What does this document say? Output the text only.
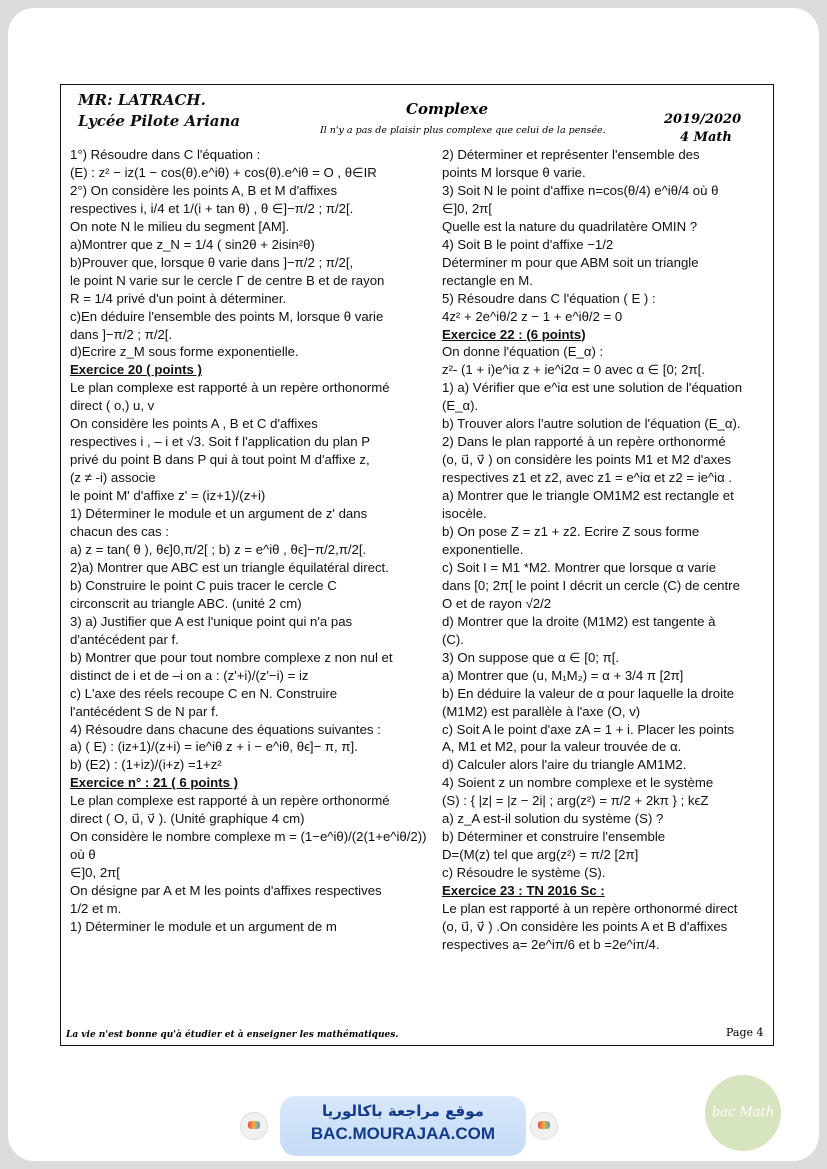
MR: LATRACH.
Lycée Pilote Ariana
Complexe
Il n'y a pas de plaisir plus complexe que celui de la pensée.
2019/2020
4 Math
1°) Résoudre dans C l'équation :
(E) : z² − iz(1 − cos(θ).e^iθ) + cos(θ).e^iθ = O , θ∈IR
2°) On considère les points A, B et M d'affixes
respectives i, i/4 et 1/(i + tan θ) , θ ∈]−π/2 ; π/2[.
On note N le milieu du segment [AM].
a)Montrer que z_N = 1/4 ( sin2θ + 2isin²θ)
b)Prouver que, lorsque θ varie dans ]−π/2 ; π/2[,
le point N varie sur le cercle Γ de centre B et de rayon
R = 1/4 privé d'un point à déterminer.
c)En déduire l'ensemble des points M, lorsque θ varie
dans ]−π/2 ; π/2[.
d)Ecrire z_M sous forme exponentielle.
Exercice 20 ( points )
Le plan complexe est rapporté à un repère orthonormé
direct ( o,) u, v
On considère les points A , B et C d'affixes
respectives i , – i et √3. Soit f l'application du plan P
privé du point B dans P qui à tout point M d'affixe z,
(z ≠ -i) associe
le point M' d'affixe z' = (iz+1)/(z+i)
1) Déterminer le module et un argument de z' dans
chacun des cas :
a) z = tan( θ ), θϵ]0,π/2[ ; b) z = e^iθ , θϵ]−π/2,π/2[.
2)a) Montrer que ABC est un triangle équilatéral direct.
b) Construire le point C puis tracer le cercle C
circonscrit au triangle ABC. (unité 2 cm)
3) a) Justifier que A est l'unique point qui n'a pas
d'antécédent par f.
b) Montrer que pour tout nombre complexe z non nul et
distinct de i et de –i on a : (z'+i)/(z'−i) = iz
c) L'axe des réels recoupe C en N. Construire
l'antécédent S de N par f.
4) Résoudre dans chacune des équations suivantes :
a) ( E) : (iz+1)/(z+i) = ie^iθ z + i − e^iθ, θϵ]− π, π].
b) (E2) : (1+iz)/(i+z) =1+z²
Exercice n° : 21 ( 6 points )
Le plan complexe est rapporté à un repère orthonormé
direct ( O, u⃗, v⃗ ). (Unité graphique 4 cm)
On considère le nombre complexe m = (1−e^iθ)/(2(1+e^iθ/2)) où θ
∈]0, 2π[
On désigne par A et M les points d'affixes respectives
1/2 et m.
1) Déterminer le module et un argument de m
2) Déterminer et représenter l'ensemble des
points M lorsque θ varie.
3) Soit N le point d'affixe n=cos(θ/4) e^iθ/4 où θ
∈]0, 2π[
Quelle est la nature du quadrilatère OMIN ?
4) Soit B le point d'affixe −1/2
Déterminer m pour que ABM soit un triangle
rectangle en M.
5) Résoudre dans C l'équation ( E ) :
4z² + 2e^iθ/2 z − 1 + e^iθ/2 = 0
Exercice 22 : (6 points)
On donne l'équation (E_α) :
z²- (1 + i)e^iα z + ie^i2α = 0 avec α ∈ [0; 2π[.
1) a) Vérifier que e^iα est une solution de l'équation
(E_α).
b) Trouver alors l'autre solution de l'équation (E_α).
2) Dans le plan rapporté à un repère orthonormé
(o, u⃗, v⃗ ) on considère les points M1 et M2 d'axes
respectives z1 et z2, avec z1 = e^iα et z2 = ie^iα .
a) Montrer que le triangle OM1M2 est rectangle et
isocèle.
b) On pose Z = z1 + z2. Ecrire Z sous forme
exponentielle.
c) Soit I = M1 *M2. Montrer que lorsque α varie
dans [0; 2π[ le point I décrit un cercle (C) de centre
O et de rayon √2/2
d) Montrer que la droite (M1M2) est tangente à
(C).
3) On suppose que α ∈ [0; π[.
a) Montrer que (u, M₁M₂) = α + 3/4 π [2π]
b) En déduire la valeur de α pour laquelle la droite
(M1M2) est parallèle à l'axe (O, v)
c) Soit A le point d'axe zA = 1 + i. Placer les points
A, M1 et M2, pour la valeur trouvée de α.
d) Calculer alors l'aire du triangle AM1M2.
4) Soient z un nombre complexe et le système
(S) : { |z| = |z − 2i| ; arg(z²) = π/2 + 2kπ } ; kϵZ
a) z_A est-il solution du système (S) ?
b) Déterminer et construire l'ensemble
D=(M(z) tel que arg(z²) = π/2 [2π]
c) Résoudre le système (S).
Exercice 23 : TN 2016 Sc :
Le plan est rapporté à un repère orthonormé direct
(o, u⃗, v⃗ ) .On considère les points A et B d'affixes
respectives a= 2e^iπ/6 et b =2e^iπ/4.
La vie n'est bonne qu'à étudier et à enseigner les mathématiques.	Page 4
موقع مراجعة باكالوريا
BAC.MOURAJAA.COM
bac Math
